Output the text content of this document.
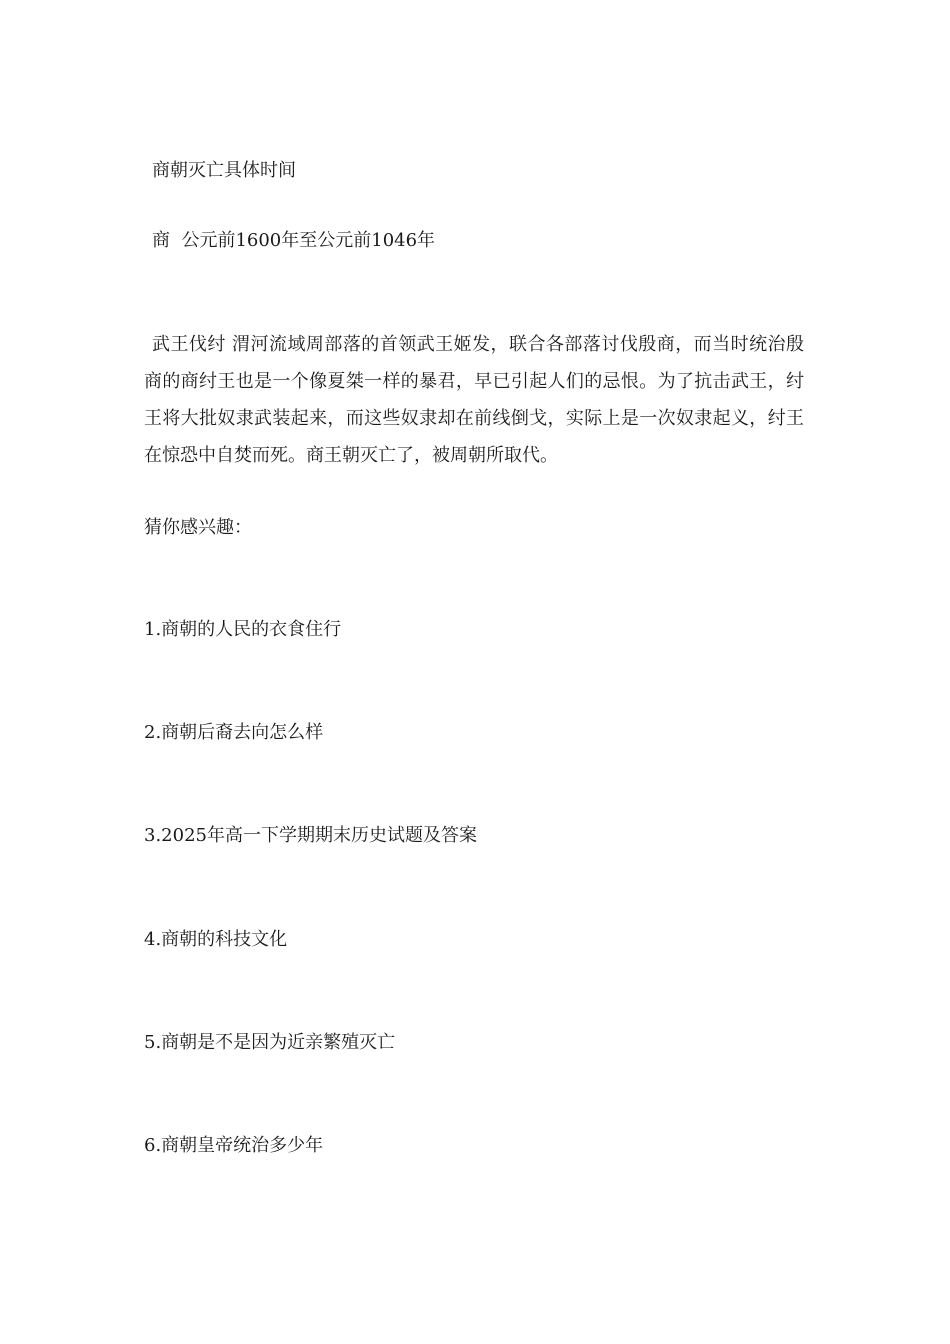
商朝灭亡具体时间
商  公元前1600年至公元前1046年
武王伐纣 渭河流域周部落的首领武王姬发，联合各部落讨伐殷商，而当时统治殷商的商纣王也是一个像夏桀一样的暴君，早已引起人们的忌恨。为了抗击武王，纣王将大批奴隶武装起来，而这些奴隶却在前线倒戈，实际上是一次奴隶起义，纣王在惊恐中自焚而死。商王朝灭亡了，被周朝所取代。
猜你感兴趣：
1.商朝的人民的衣食住行
2.商朝后裔去向怎么样
3.2025年高一下学期期末历史试题及答案
4.商朝的科技文化
5.商朝是不是因为近亲繁殖灭亡
6.商朝皇帝统治多少年
